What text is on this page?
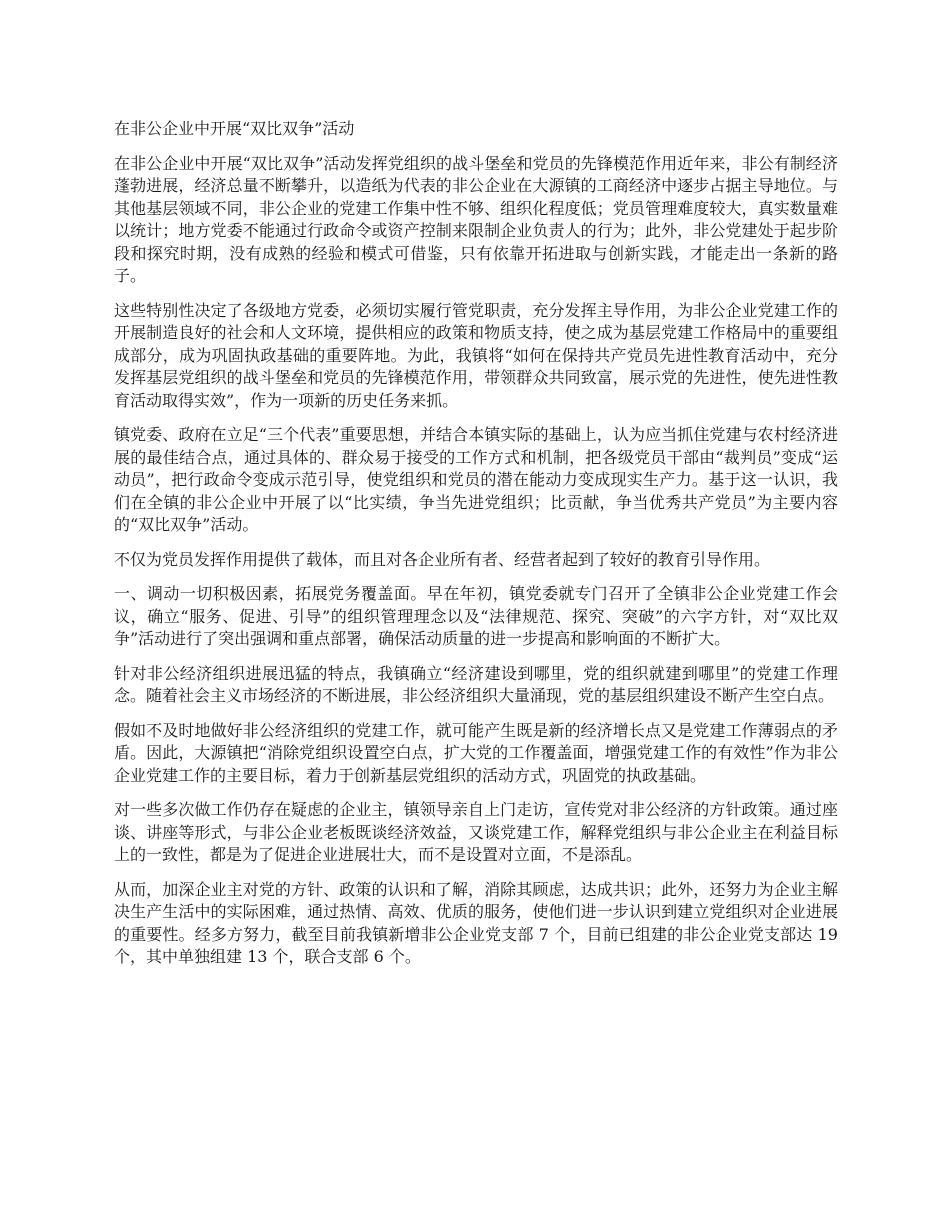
在非公企业中开展“双比双争”活动

在非公企业中开展“双比双争”活动发挥党组织的战斗堡垒和党员的先锋模范作用近年来，非公有制经济蓬勃进展，经济总量不断攀升，以造纸为代表的非公企业在大源镇的工商经济中逐步占据主导地位。与其他基层领域不同，非公企业的党建工作集中性不够、组织化程度低；党员管理难度较大，真实数量难以统计；地方党委不能通过行政命令或资产控制来限制企业负责人的行为；此外，非公党建处于起步阶段和探究时期，没有成熟的经验和模式可借鉴，只有依靠开拓进取与创新实践，才能走出一条新的路子。

这些特别性决定了各级地方党委，必须切实履行管党职责，充分发挥主导作用，为非公企业党建工作的开展制造良好的社会和人文环境，提供相应的政策和物质支持，使之成为基层党建工作格局中的重要组成部分，成为巩固执政基础的重要阵地。为此，我镇将“如何在保持共产党员先进性教育活动中，充分发挥基层党组织的战斗堡垒和党员的先锋模范作用，带领群众共同致富，展示党的先进性，使先进性教育活动取得实效”，作为一项新的历史任务来抓。

镇党委、政府在立足“三个代表”重要思想，并结合本镇实际的基础上，认为应当抓住党建与农村经济进展的最佳结合点，通过具体的、群众易于接受的工作方式和机制，把各级党员干部由“裁判员”变成“运动员”，把行政命令变成示范引导，使党组织和党员的潜在能动力变成现实生产力。基于这一认识，我们在全镇的非公企业中开展了以“比实绩，争当先进党组织；比贡献，争当优秀共产党员”为主要内容的“双比双争”活动。

不仅为党员发挥作用提供了载体，而且对各企业所有者、经营者起到了较好的教育引导作用。

一、调动一切积极因素，拓展党务覆盖面。早在年初，镇党委就专门召开了全镇非公企业党建工作会议，确立“服务、促进、引导”的组织管理理念以及“法律规范、探究、突破”的六字方针，对“双比双争”活动进行了突出强调和重点部署，确保活动质量的进一步提高和影响面的不断扩大。

针对非公经济组织进展迅猛的特点，我镇确立“经济建设到哪里，党的组织就建到哪里”的党建工作理念。随着社会主义市场经济的不断进展，非公经济组织大量涌现，党的基层组织建设不断产生空白点。

假如不及时地做好非公经济组织的党建工作，就可能产生既是新的经济增长点又是党建工作薄弱点的矛盾。因此，大源镇把“消除党组织设置空白点，扩大党的工作覆盖面，增强党建工作的有效性”作为非公企业党建工作的主要目标，着力于创新基层党组织的活动方式，巩固党的执政基础。

对一些多次做工作仍存在疑虑的企业主，镇领导亲自上门走访，宣传党对非公经济的方针政策。通过座谈、讲座等形式，与非公企业老板既谈经济效益，又谈党建工作，解释党组织与非公企业主在利益目标上的一致性，都是为了促进企业进展壮大，而不是设置对立面，不是添乱。

从而，加深企业主对党的方针、政策的认识和了解，消除其顾虑，达成共识；此外，还努力为企业主解决生产生活中的实际困难，通过热情、高效、优质的服务，使他们进一步认识到建立党组织对企业进展的重要性。经多方努力，截至目前我镇新增非公企业党支部 7 个，目前已组建的非公企业党支部达 19 个，其中单独组建 13 个，联合支部 6 个。
